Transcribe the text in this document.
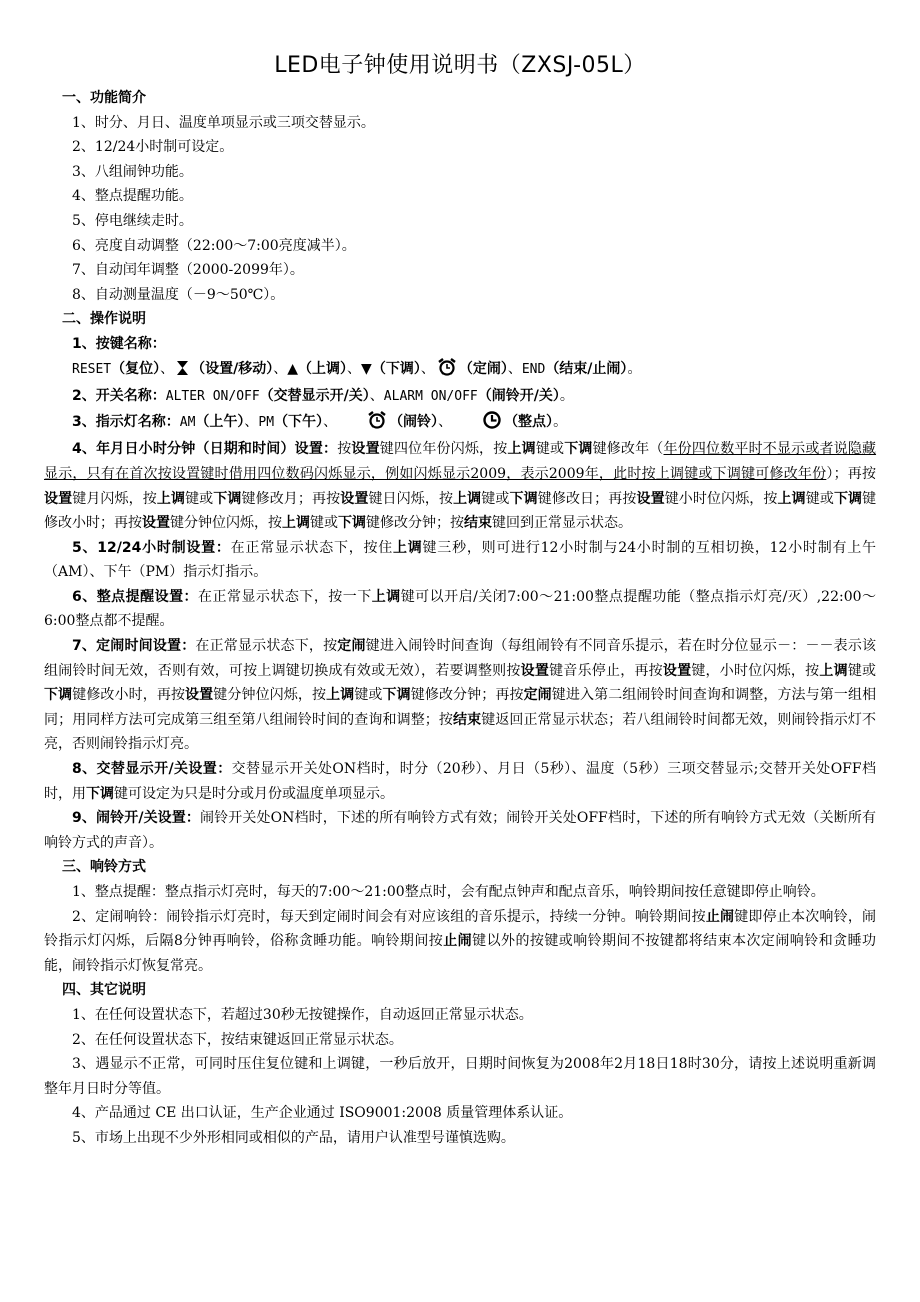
LED电子钟使用说明书（ZXSJ-05L）

一、功能简介

1、时分、月日、温度单项显示或三项交替显示。

2、12/24小时制可设定。

3、八组闹钟功能。

4、整点提醒功能。

5、停电继续走时。

6、亮度自动调整（22:00～7:00亮度减半）。

7、自动闰年调整（2000-2099年）。

8、自动测量温度（－9～50℃）。

二、操作说明

1、按键名称：

RESET（复位）、 （设置/移动）、▲（上调）、▼（下调）、 （定闹）、END（结束/止闹）。

2、开关名称：ALTER ON/OFF（交替显示开/关）、ALARM ON/OFF（闹铃开/关）。

3、指示灯名称：AM（上午）、PM（下午）、	（闹铃）、	（整点）。

4、年月日小时分钟（日期和时间）设置：按设置键四位年份闪烁，按上调键或下调键修改年（年份四位数平时不显示或者说隐藏显示，只有在首次按设置键时借用四位数码闪烁显示，例如闪烁显示2009，表示2009年，此时按上调键或下调键可修改年份）；再按设置键月闪烁，按上调键或下调键修改月；再按设置键日闪烁，按上调键或下调键修改日；再按设置键小时位闪烁，按上调键或下调键修改小时；再按设置键分钟位闪烁，按上调键或下调键修改分钟；按结束键回到正常显示状态。

5、12/24小时制设置：在正常显示状态下，按住上调键三秒，则可进行12小时制与24小时制的互相切换，12小时制有上午（AM）、下午（PM）指示灯指示。

6、整点提醒设置：在正常显示状态下，按一下上调键可以开启/关闭7:00～21:00整点提醒功能（整点指示灯亮/灭）,22:00～6:00整点都不提醒。

7、定闹时间设置：在正常显示状态下，按定闹键进入闹铃时间查询（每组闹铃有不同音乐提示，若在时分位显示－：－－表示该组闹铃时间无效，否则有效，可按上调键切换成有效或无效），若要调整则按设置键音乐停止，再按设置键，小时位闪烁，按上调键或下调键修改小时，再按设置键分钟位闪烁，按上调键或下调键修改分钟；再按定闹键进入第二组闹铃时间查询和调整，方法与第一组相同；用同样方法可完成第三组至第八组闹铃时间的查询和调整；按结束键返回正常显示状态；若八组闹铃时间都无效，则闹铃指示灯不亮，否则闹铃指示灯亮。

8、交替显示开/关设置：交替显示开关处ON档时，时分（20秒）、月日（5秒）、温度（5秒）三项交替显示;交替开关处OFF档时，用下调键可设定为只是时分或月份或温度单项显示。

9、闹铃开/关设置：闹铃开关处ON档时，下述的所有响铃方式有效；闹铃开关处OFF档时，下述的所有响铃方式无效（关断所有响铃方式的声音）。

三、响铃方式

1、整点提醒：整点指示灯亮时，每天的7:00～21:00整点时，会有配点钟声和配点音乐，响铃期间按任意键即停止响铃。

2、定闹响铃：闹铃指示灯亮时，每天到定闹时间会有对应该组的音乐提示，持续一分钟。响铃期间按止闹键即停止本次响铃，闹铃指示灯闪烁，后隔8分钟再响铃，俗称贪睡功能。响铃期间按止闹键以外的按键或响铃期间不按键都将结束本次定闹响铃和贪睡功能，闹铃指示灯恢复常亮。

四、其它说明

1、在任何设置状态下，若超过30秒无按键操作，自动返回正常显示状态。

2、在任何设置状态下，按结束键返回正常显示状态。

3、遇显示不正常，可同时压住复位键和上调键，一秒后放开，日期时间恢复为2008年2月18日18时30分，请按上述说明重新调整年月日时分等值。

4、产品通过 CE 出口认证，生产企业通过 ISO9001:2008 质量管理体系认证。

5、市场上出现不少外形相同或相似的产品，请用户认准型号谨慎选购。
